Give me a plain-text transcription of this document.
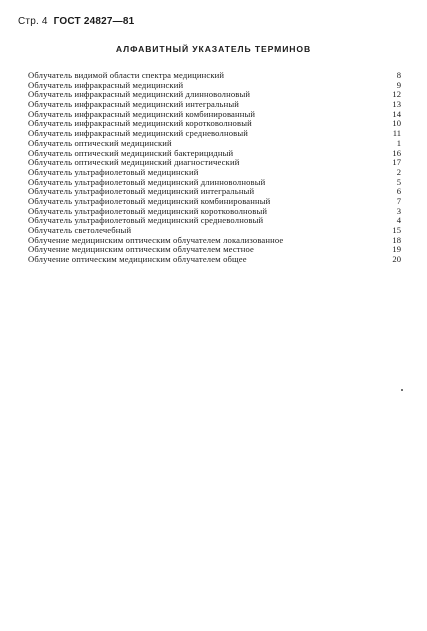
Стр. 4 ГОСТ 24827—81
АЛФАВИТНЫЙ УКАЗАТЕЛЬ ТЕРМИНОВ
Облучатель видимой области спектра медицинский	8
Облучатель инфракрасный медицинский	9
Облучатель инфракрасный медицинский длинноволновый	12
Облучатель инфракрасный медицинский интегральный	13
Облучатель инфракрасный медицинский комбинированный	14
Облучатель инфракрасный медицинский коротковолновый	10
Облучатель инфракрасный медицинский средневолновый	11
Облучатель оптический медицинский	1
Облучатель оптический медицинский бактерицидный	16
Облучатель оптический медицинский диагностический	17
Облучатель ультрафиолетовый медицинский	2
Облучатель ультрафиолетовый медицинский длинноволновый	5
Облучатель ультрафиолетовый медицинский интегральный	6
Облучатель ультрафиолетовый медицинский комбинированный	7
Облучатель ультрафиолетовый медицинский коротковолновый	3
Облучатель ультрафиолетовый медицинский средневолновый	4
Облучатель светолечебный	15
Облучение медицинским оптическим облучателем локализованное	18
Облучение медицинским оптическим облучателем местное	19
Облучение оптическим медицинским облучателем общее	20
